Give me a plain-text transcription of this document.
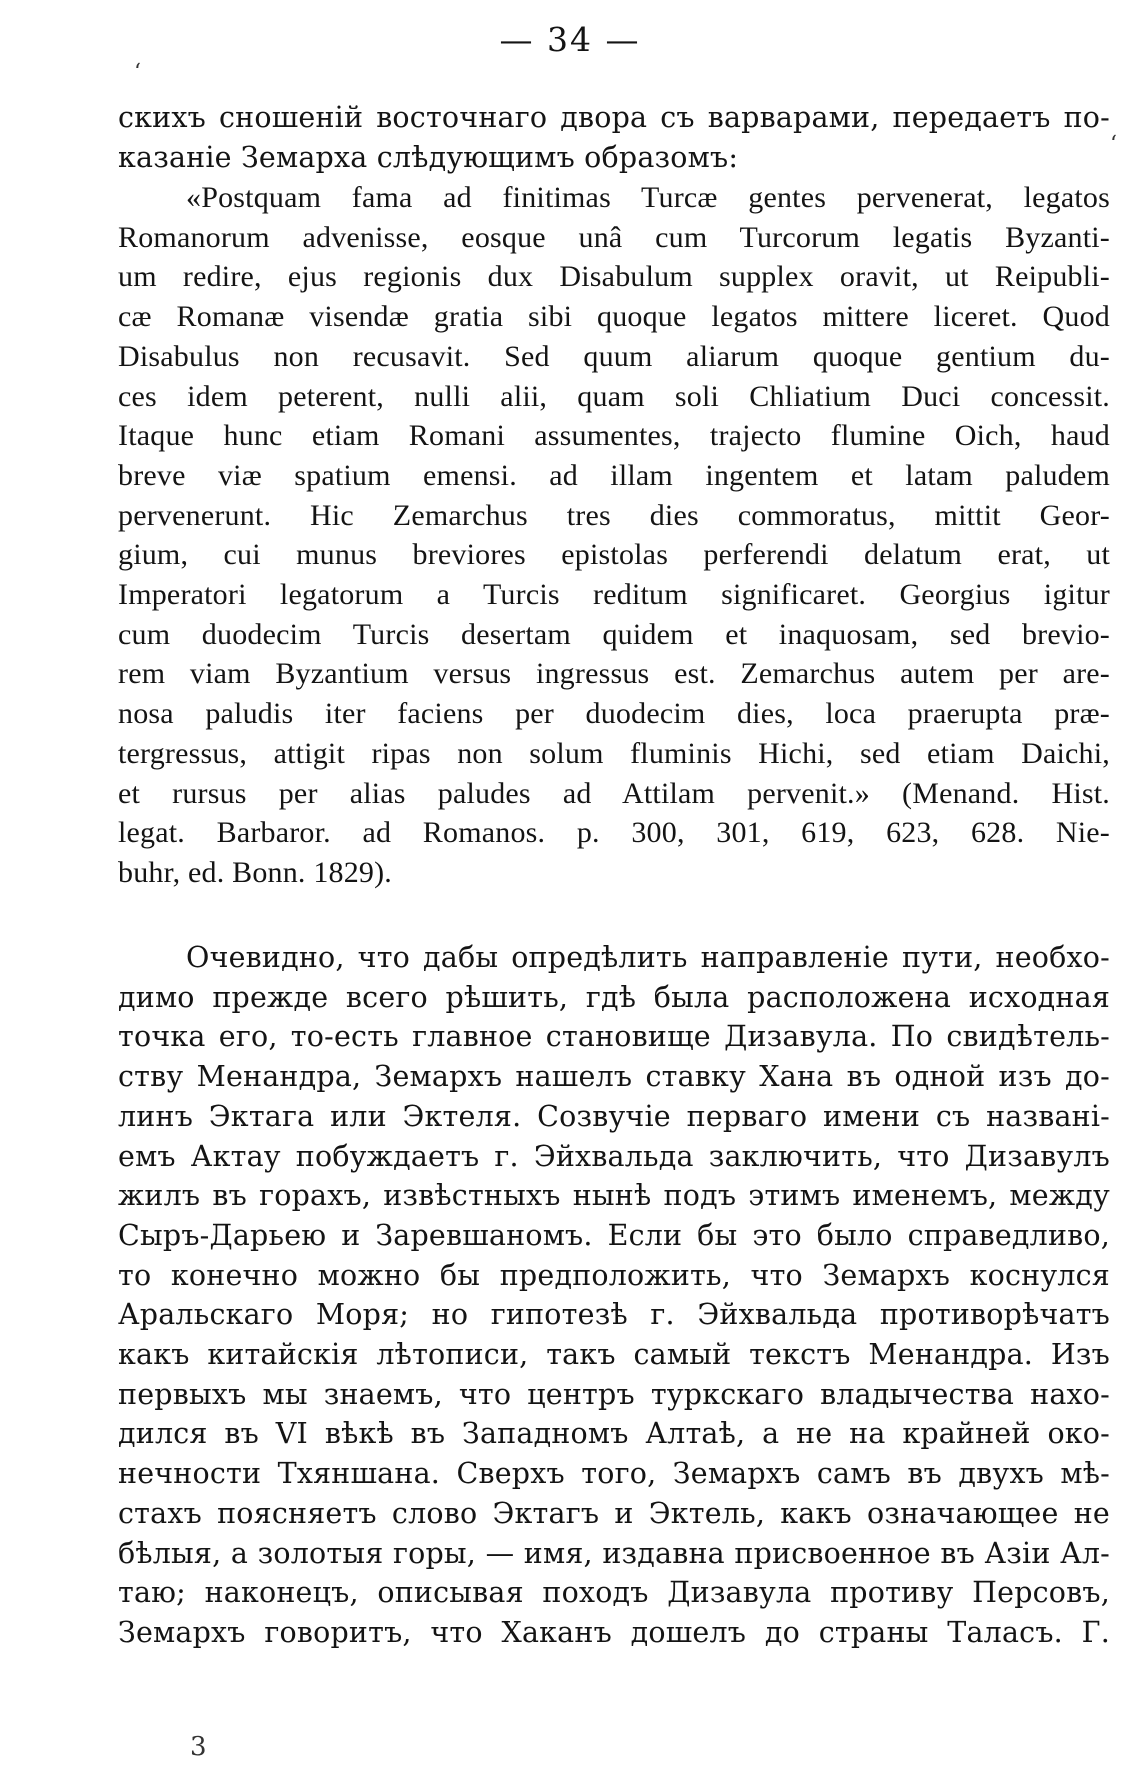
— 34 —
‘
ʻ
3
скихъ сношеній восточнаго двора съ варварами, передаетъ по-
казаніе Земарха слѣдующимъ образомъ:
«Postquam fama ad finitimas Turcæ gentes pervenerat, legatos
Romanorum advenisse, eosque unâ cum Turcorum legatis Byzanti-
um redire, ejus regionis dux Disabulum supplex oravit, ut Reipubli-
cæ Romanæ visendæ gratia sibi quoque legatos mittere liceret. Quod
Disabulus non recusavit. Sed quum aliarum quoque gentium du-
ces idem peterent, nulli alii, quam soli Chliatium Duci concessit.
Itaque hunc etiam Romani assumentes, trajecto flumine Oich, haud
breve viæ spatium emensi. ad illam ingentem et latam paludem
pervenerunt. Hic Zemarchus tres dies commoratus, mittit Geor-
gium, cui munus breviores epistolas perferendi delatum erat, ut
Imperatori legatorum a Turcis reditum significaret. Georgius igitur
cum duodecim Turcis desertam quidem et inaquosam, sed brevio-
rem viam Byzantium versus ingressus est. Zemarchus autem per are-
nosa paludis iter faciens per duodecim dies, loca praerupta præ-
tergressus, attigit ripas non solum fluminis Hichi, sed etiam Daichi,
et rursus per alias paludes ad Attilam pervenit.» (Menand. Hist.
legat. Barbaror. ad Romanos. p. 300, 301, 619, 623, 628. Nie-
buhr, ed. Bonn. 1829).
Очевидно, что дабы опредѣлить направленіе пути, необхо-
димо прежде всего рѣшить, гдѣ была расположена исходная
точка его, то-есть главное становище Дизавула. По свидѣтель-
ству Менандра, Земархъ нашелъ ставку Хана въ одной изъ до-
линъ Эктага или Эктеля. Созвучіе перваго имени съ названі-
емъ Актау побуждаетъ г. Эйхвальда заключить, что Дизавулъ
жилъ въ горахъ, извѣстныхъ нынѣ подъ этимъ именемъ, между
Сыръ-Дарьею и Заревшаномъ. Если бы это было справедливо,
то конечно можно бы предположить, что Земархъ коснулся
Аральскаго Моря; но гипотезѣ г. Эйхвальда противорѣчатъ
какъ китайскія лѣтописи, такъ самый текстъ Менандра. Изъ
первыхъ мы знаемъ, что центръ туркскаго владычества нахо-
дился въ VI вѣкѣ въ Западномъ Алтаѣ, а не на крайней око-
нечности Тхяншана. Сверхъ того, Земархъ самъ въ двухъ мѣ-
стахъ поясняетъ слово Эктагъ и Эктель, какъ означающее не
бѣлыя, а золотыя горы, — имя, издавна присвоенное въ Азіи Ал-
таю; наконецъ, описывая походъ Дизавула противу Персовъ,
Земархъ говоритъ, что Хаканъ дошелъ до страны Таласъ. Г.
